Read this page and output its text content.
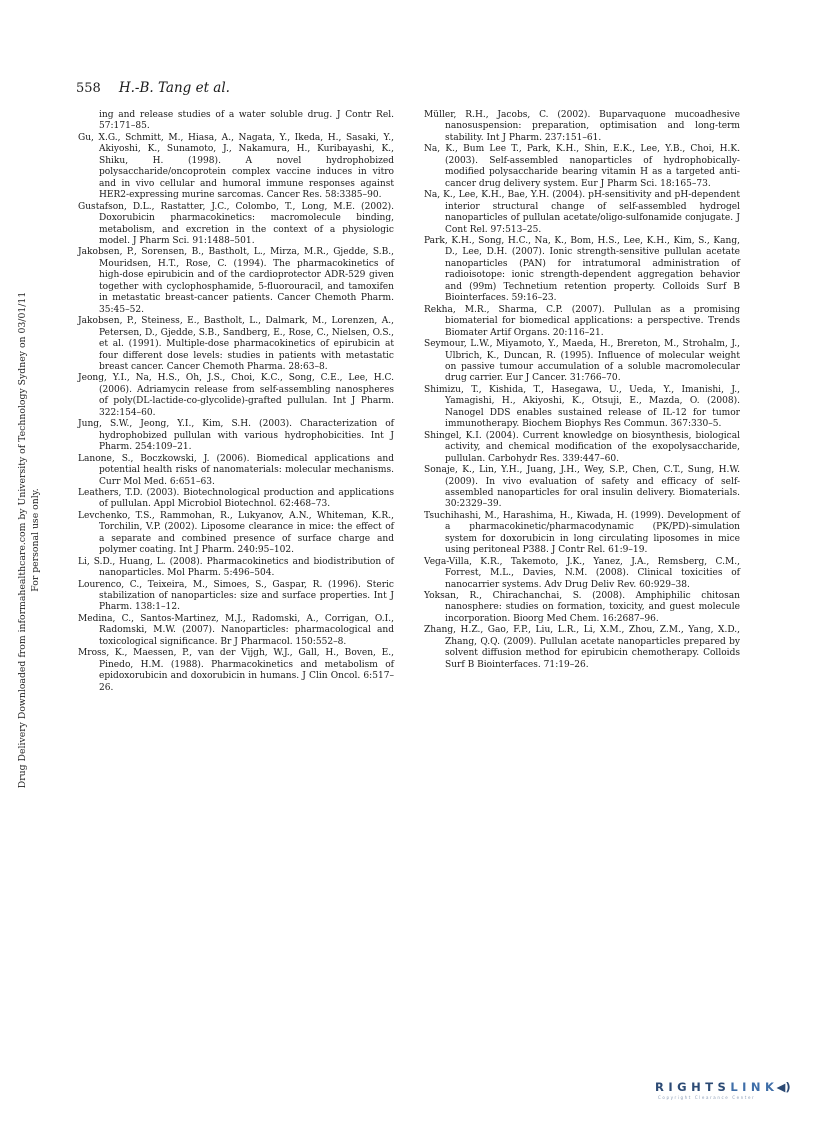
558 H.-B. Tang et al.
Drug Delivery Downloaded from informahealthcare.com by University of Technology Sydney on 03/01/11 For personal use only.

ing and release studies of a water soluble drug. J Contr Rel. 57:171–85.

Gu, X.G., Schmitt, M., Hiasa, A., Nagata, Y., Ikeda, H., Sasaki, Y., Akiyoshi, K., Sunamoto, J., Nakamura, H., Kuribayashi, K., Shiku, H. (1998). A novel hydrophobized polysaccharide/oncoprotein complex vaccine induces in vitro and in vivo cellular and humoral immune responses against HER2-expressing murine sarcomas. Cancer Res. 58:3385–90.

Gustafson, D.L., Rastatter, J.C., Colombo, T., Long, M.E. (2002). Doxorubicin pharmacokinetics: macromolecule binding, metabolism, and excretion in the context of a physiologic model. J Pharm Sci. 91:1488–501.

Jakobsen, P., Sorensen, B., Bastholt, L., Mirza, M.R., Gjedde, S.B., Mouridsen, H.T., Rose, C. (1994). The pharmacokinetics of high-dose epirubicin and of the cardioprotector ADR-529 given together with cyclophosphamide, 5-fluorouracil, and tamoxifen in metastatic breast-cancer patients. Cancer Chemoth Pharm. 35:45–52.

Jakobsen, P., Steiness, E., Bastholt, L., Dalmark, M., Lorenzen, A., Petersen, D., Gjedde, S.B., Sandberg, E., Rose, C., Nielsen, O.S., et al. (1991). Multiple-dose pharmacokinetics of epirubicin at four different dose levels: studies in patients with metastatic breast cancer. Cancer Chemoth Pharma. 28:63–8.

Jeong, Y.I., Na, H.S., Oh, J.S., Choi, K.C., Song, C.E., Lee, H.C. (2006). Adriamycin release from self-assembling nanospheres of poly(DL-lactide-co-glycolide)-grafted pullulan. Int J Pharm. 322:154–60.

Jung, S.W., Jeong, Y.I., Kim, S.H. (2003). Characterization of hydrophobized pullulan with various hydrophobicities. Int J Pharm. 254:109–21.

Lanone, S., Boczkowski, J. (2006). Biomedical applications and potential health risks of nanomaterials: molecular mechanisms. Curr Mol Med. 6:651–63.

Leathers, T.D. (2003). Biotechnological production and applications of pullulan. Appl Microbiol Biotechnol. 62:468–73.

Levchenko, T.S., Rammohan, R., Lukyanov, A.N., Whiteman, K.R., Torchilin, V.P. (2002). Liposome clearance in mice: the effect of a separate and combined presence of surface charge and polymer coating. Int J Pharm. 240:95–102.

Li, S.D., Huang, L. (2008). Pharmacokinetics and biodistribution of nanoparticles. Mol Pharm. 5:496–504.

Lourenco, C., Teixeira, M., Simoes, S., Gaspar, R. (1996). Steric stabilization of nanoparticles: size and surface properties. Int J Pharm. 138:1–12.

Medina, C., Santos-Martinez, M.J., Radomski, A., Corrigan, O.I., Radomski, M.W. (2007). Nanoparticles: pharmacological and toxicological significance. Br J Pharmacol. 150:552–8.

Mross, K., Maessen, P., van der Vijgh, W.J., Gall, H., Boven, E., Pinedo, H.M. (1988). Pharmacokinetics and metabolism of epidoxorubicin and doxorubicin in humans. J Clin Oncol. 6:517–26.

Müller, R.H., Jacobs, C. (2002). Buparvaquone mucoadhesive nanosuspension: preparation, optimisation and long-term stability. Int J Pharm. 237:151–61.

Na, K., Bum Lee T., Park, K.H., Shin, E.K., Lee, Y.B., Choi, H.K. (2003). Self-assembled nanoparticles of hydrophobically-modified polysaccharide bearing vitamin H as a targeted anti-cancer drug delivery system. Eur J Pharm Sci. 18:165–73.

Na, K., Lee, K.H., Bae, Y.H. (2004). pH-sensitivity and pH-dependent interior structural change of self-assembled hydrogel nanoparticles of pullulan acetate/oligo-sulfonamide conjugate. J Cont Rel. 97:513–25.

Park, K.H., Song, H.C., Na, K., Bom, H.S., Lee, K.H., Kim, S., Kang, D., Lee, D.H. (2007). Ionic strength-sensitive pullulan acetate nanoparticles (PAN) for intratumoral administration of radioisotope: ionic strength-dependent aggregation behavior and (99m) Technetium retention property. Colloids Surf B Biointerfaces. 59:16–23.

Rekha, M.R., Sharma, C.P. (2007). Pullulan as a promising biomaterial for biomedical applications: a perspective. Trends Biomater Artif Organs. 20:116–21.

Seymour, L.W., Miyamoto, Y., Maeda, H., Brereton, M., Strohalm, J., Ulbrich, K., Duncan, R. (1995). Influence of molecular weight on passive tumour accumulation of a soluble macromolecular drug carrier. Eur J Cancer. 31:766–70.

Shimizu, T., Kishida, T., Hasegawa, U., Ueda, Y., Imanishi, J., Yamagishi, H., Akiyoshi, K., Otsuji, E., Mazda, O. (2008). Nanogel DDS enables sustained release of IL-12 for tumor immunotherapy. Biochem Biophys Res Commun. 367:330–5.

Shingel, K.I. (2004). Current knowledge on biosynthesis, biological activity, and chemical modification of the exopolysaccharide, pullulan. Carbohydr Res. 339:447–60.

Sonaje, K., Lin, Y.H., Juang, J.H., Wey, S.P., Chen, C.T., Sung, H.W. (2009). In vivo evaluation of safety and efficacy of self-assembled nanoparticles for oral insulin delivery. Biomaterials. 30:2329–39.

Tsuchihashi, M., Harashima, H., Kiwada, H. (1999). Development of a pharmacokinetic/pharmacodynamic (PK/PD)-simulation system for doxorubicin in long circulating liposomes in mice using peritoneal P388. J Contr Rel. 61:9–19.

Vega-Villa, K.R., Takemoto, J.K., Yanez, J.A., Remsberg, C.M., Forrest, M.L., Davies, N.M. (2008). Clinical toxicities of nanocarrier systems. Adv Drug Deliv Rev. 60:929–38.

Yoksan, R., Chirachanchai, S. (2008). Amphiphilic chitosan nanosphere: studies on formation, toxicity, and guest molecule incorporation. Bioorg Med Chem. 16:2687–96.

Zhang, H.Z., Gao, F.P., Liu, L.R., Li, X.M., Zhou, Z.M., Yang, X.D., Zhang, Q.Q. (2009). Pullulan acetate nanoparticles prepared by solvent diffusion method for epirubicin chemotherapy. Colloids Surf B Biointerfaces. 71:19–26.

RIGHTSLINK◀)
Copyright Clearance Center
